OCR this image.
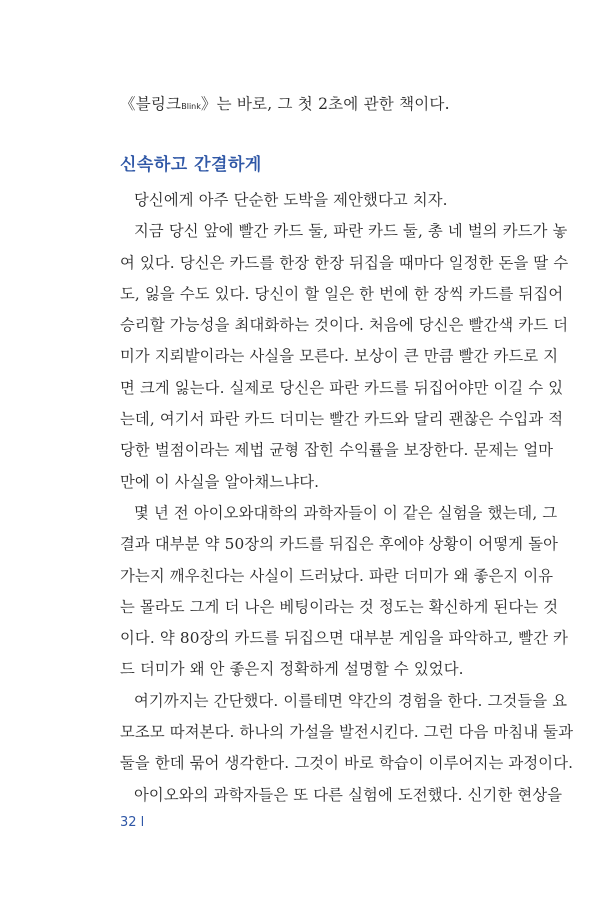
《블링크Blink》는 바로, 그 첫 2초에 관한 책이다.
신속하고 간결하게
당신에게 아주 단순한 도박을 제안했다고 치자.
지금 당신 앞에 빨간 카드 둘, 파란 카드 둘, 총 네 벌의 카드가 놓
여 있다. 당신은 카드를 한장 한장 뒤집을 때마다 일정한 돈을 딸 수
도, 잃을 수도 있다. 당신이 할 일은 한 번에 한 장씩 카드를 뒤집어
승리할 가능성을 최대화하는 것이다. 처음에 당신은 빨간색 카드 더
미가 지뢰밭이라는 사실을 모른다. 보상이 큰 만큼 빨간 카드로 지
면 크게 잃는다. 실제로 당신은 파란 카드를 뒤집어야만 이길 수 있
는데, 여기서 파란 카드 더미는 빨간 카드와 달리 괜찮은 수입과 적
당한 벌점이라는 제법 균형 잡힌 수익률을 보장한다. 문제는 얼마
만에 이 사실을 알아채느냐다.
몇 년 전 아이오와대학의 과학자들이 이 같은 실험을 했는데, 그
결과 대부분 약 50장의 카드를 뒤집은 후에야 상황이 어떻게 돌아
가는지 깨우친다는 사실이 드러났다. 파란 더미가 왜 좋은지 이유
는 몰라도 그게 더 나은 베팅이라는 것 정도는 확신하게 된다는 것
이다. 약 80장의 카드를 뒤집으면 대부분 게임을 파악하고, 빨간 카
드 더미가 왜 안 좋은지 정확하게 설명할 수 있었다.
여기까지는 간단했다. 이를테면 약간의 경험을 한다. 그것들을 요
모조모 따져본다. 하나의 가설을 발전시킨다. 그런 다음 마침내 둘과
둘을 한데 묶어 생각한다. 그것이 바로 학습이 이루어지는 과정이다.
아이오와의 과학자들은 또 다른 실험에 도전했다. 신기한 현상을
32 l
